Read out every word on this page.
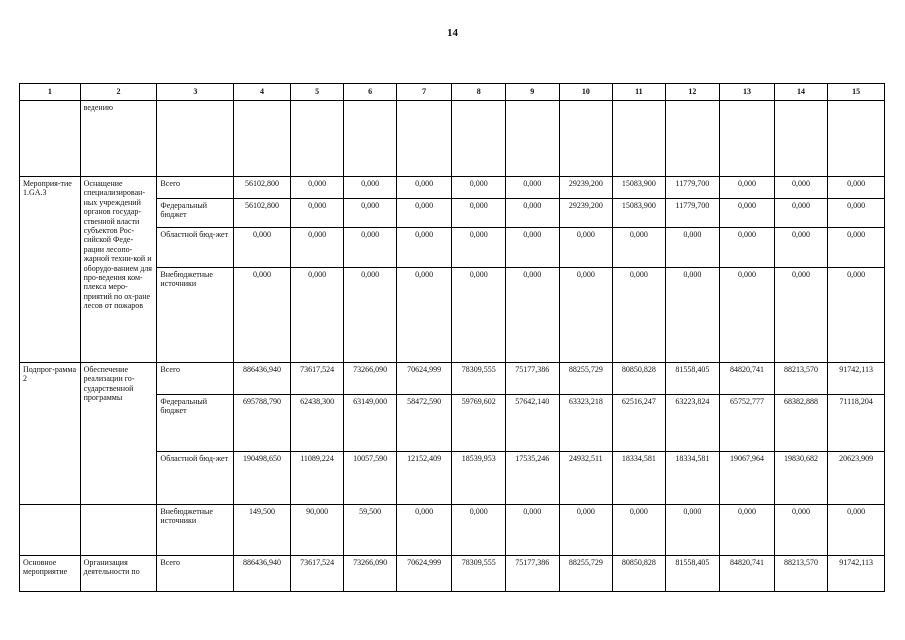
14
1	2	3	4	5	6	7	8	9	10	11	12	13	14	15
	ведению													
Мероприя-тие 1.GA.3	Оснащение специализирован-ных учреждений органов государ-ственной власти субъектов Рос-сийской Феде-рации лесопо-жарной техни-кой и оборудо-ванием для про-ведения ком-плекса меро-приятий по ох-ране лесов от пожаров	Всего	56102,800	0,000	0,000	0,000	0,000	0,000	29239,200	15083,900	11779,700	0,000	0,000	0,000
		Федеральный бюджет	56102,800	0,000	0,000	0,000	0,000	0,000	29239,200	15083,900	11779,700	0,000	0,000	0,000
		Областной бюд-жет	0,000	0,000	0,000	0,000	0,000	0,000	0,000	0,000	0,000	0,000	0,000	0,000
		Внебюджетные источники	0,000	0,000	0,000	0,000	0,000	0,000	0,000	0,000	0,000	0,000	0,000	0,000
Подпрог-рамма 2	Обеспечение реализации го-сударственной программы	Всего	886436,940	73617,524	73266,090	70624,999	78309,555	75177,386	88255,729	80850,828	81558,405	84820,741	88213,570	91742,113
		Федеральный бюджет	695788,790	62438,300	63149,000	58472,590	59769,602	57642,140	63323,218	62516,247	63223,824	65752,777	68382,888	71118,204
		Областной бюд-жет	190498,650	11089,224	10057,590	12152,409	18539,953	17535,246	24932,511	18334,581	18334,581	19067,964	19830,682	20623,909
		Внебюджетные источники	149,500	90,000	59,500	0,000	0,000	0,000	0,000	0,000	0,000	0,000	0,000	0,000
Основное мероприятие	Организация деятельности по	Всего	886436,940	73617,524	73266,090	70624,999	78309,555	75177,386	88255,729	80850,828	81558,405	84820,741	88213,570	91742,113
